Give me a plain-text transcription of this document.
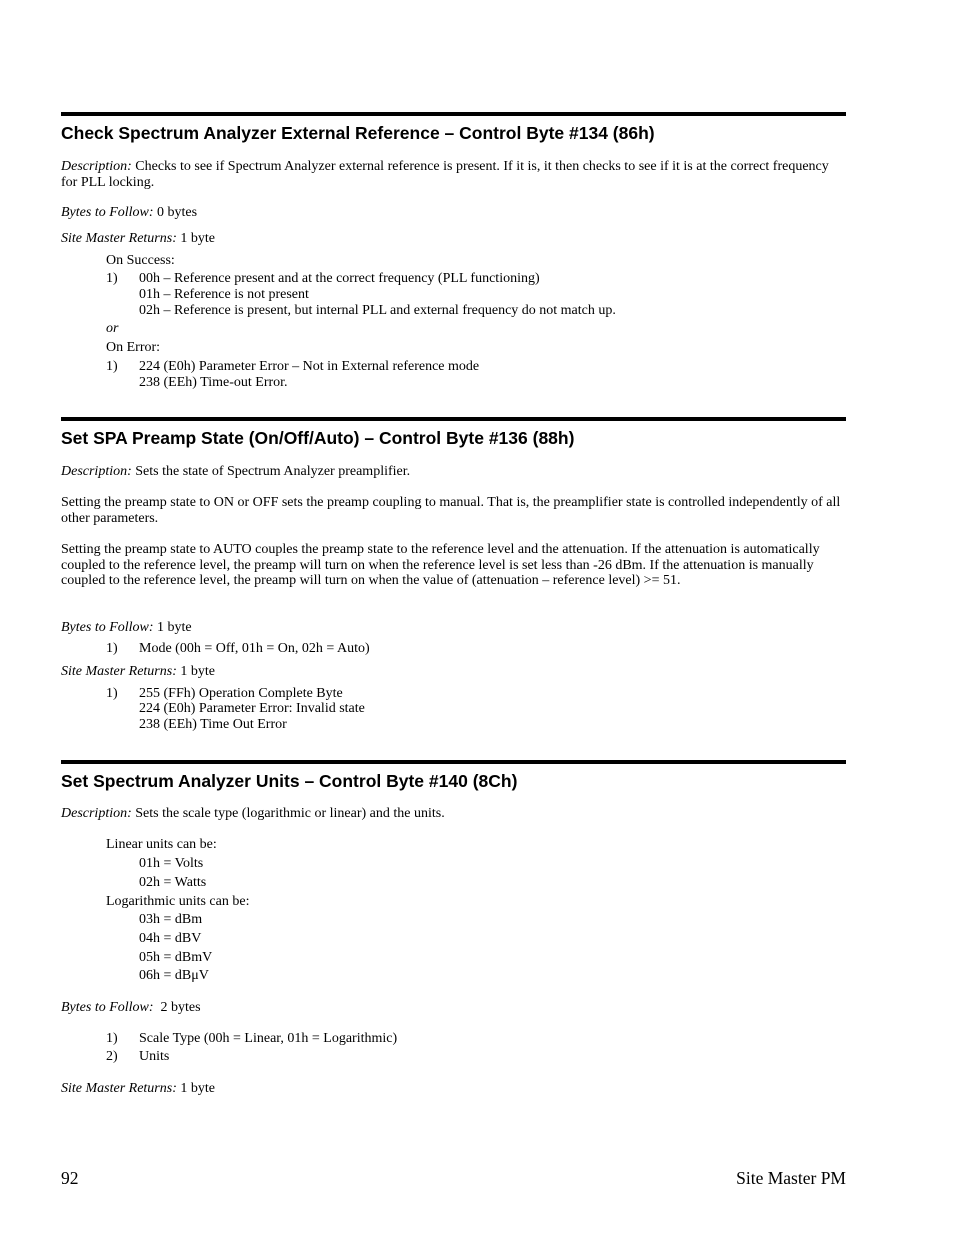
Check Spectrum Analyzer External Reference – Control Byte #134 (86h)
Description: Checks to see if Spectrum Analyzer external reference is present. If it is, it then checks to see if it is at the correct frequency for PLL locking.
Bytes to Follow: 0 bytes
Site Master Returns: 1 byte
On Success:
1) 00h – Reference present and at the correct frequency (PLL functioning)
01h – Reference is not present
02h – Reference is present, but internal PLL and external frequency do not match up.
or
On Error:
1) 224 (E0h) Parameter Error – Not in External reference mode
238 (EEh) Time-out Error.
Set SPA Preamp State (On/Off/Auto) – Control Byte #136 (88h)
Description: Sets the state of Spectrum Analyzer preamplifier.
Setting the preamp state to ON or OFF sets the preamp coupling to manual. That is, the preamplifier state is controlled independently of all other parameters.
Setting the preamp state to AUTO couples the preamp state to the reference level and the attenuation. If the attenuation is automatically coupled to the reference level, the preamp will turn on when the reference level is set less than -26 dBm. If the attenuation is manually coupled to the reference level, the preamp will turn on when the value of (attenuation – reference level) >= 51.
Bytes to Follow: 1 byte
1) Mode (00h = Off, 01h = On, 02h = Auto)
Site Master Returns: 1 byte
1) 255 (FFh) Operation Complete Byte
224 (E0h) Parameter Error: Invalid state
238 (EEh) Time Out Error
Set Spectrum Analyzer Units – Control Byte #140 (8Ch)
Description: Sets the scale type (logarithmic or linear) and the units.
Linear units can be:
01h = Volts
02h = Watts
Logarithmic units can be:
03h = dBm
04h = dBV
05h = dBmV
06h = dBμV
Bytes to Follow:  2 bytes
1) Scale Type (00h = Linear, 01h = Logarithmic)
2) Units
Site Master Returns: 1 byte
92	Site Master PM
